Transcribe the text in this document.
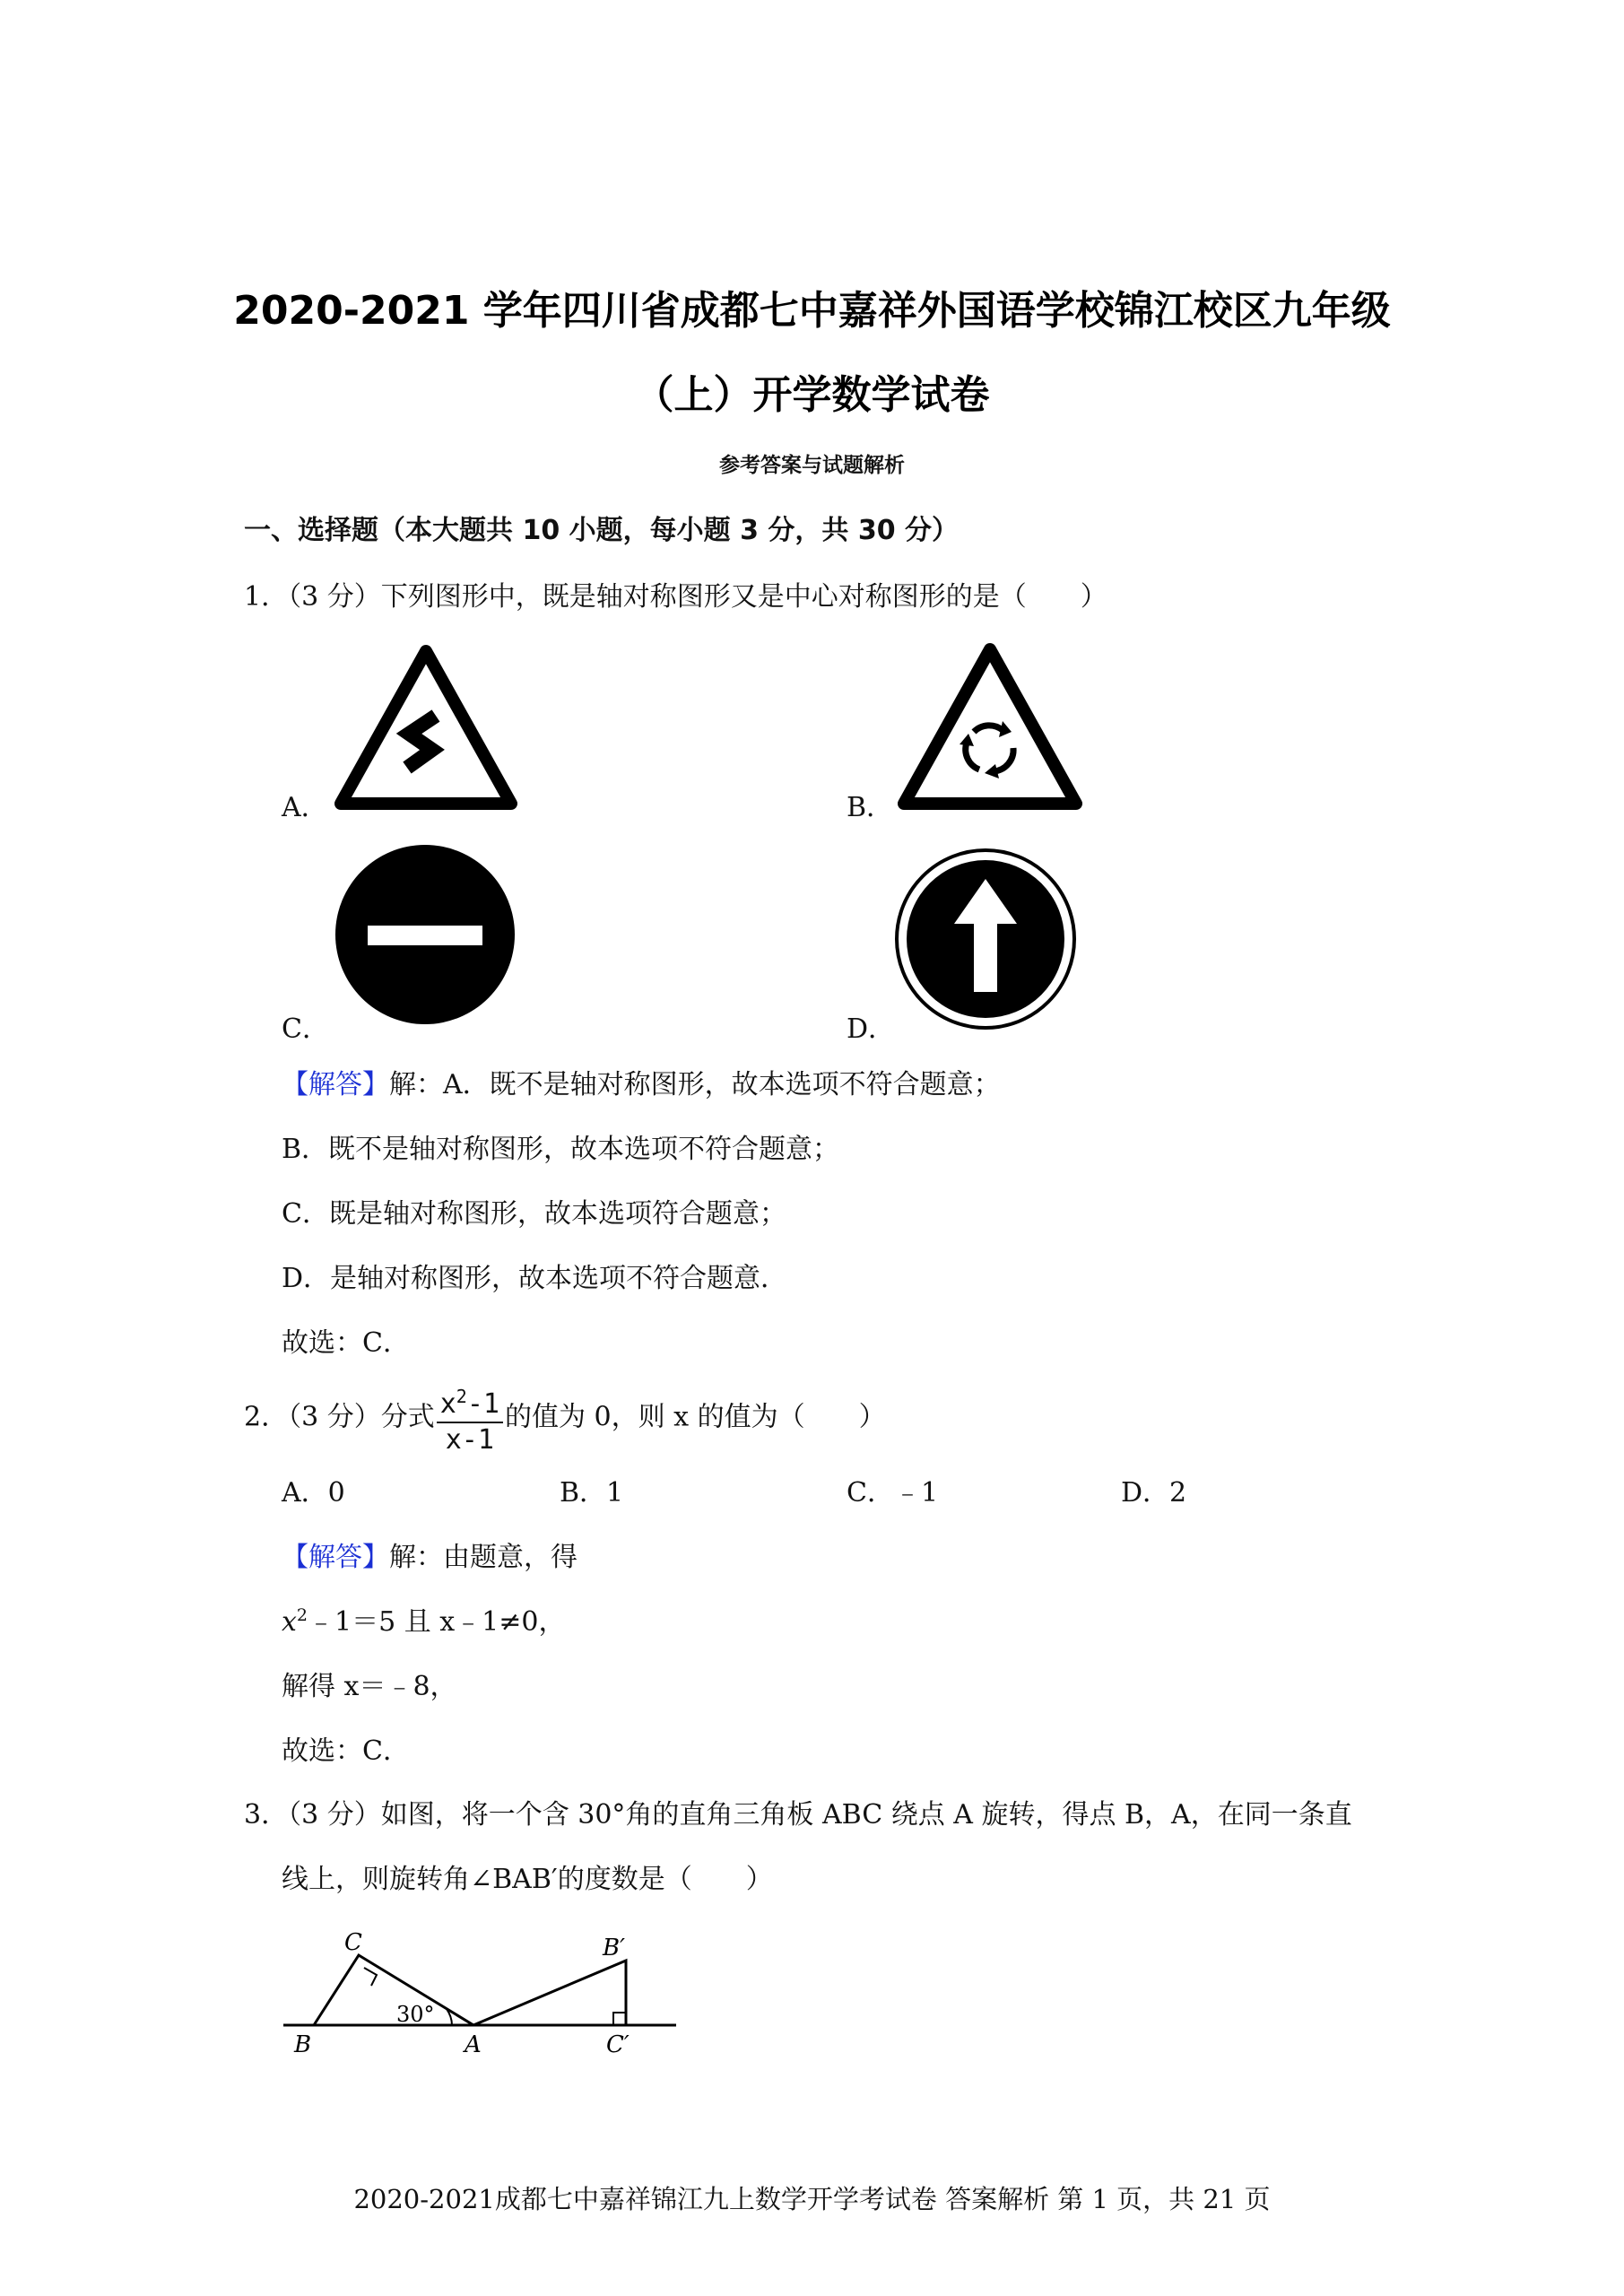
2020-2021 学年四川省成都七中嘉祥外国语学校锦江校区九年级
（上）开学数学试卷
参考答案与试题解析
一、选择题（本大题共 10 小题，每小题 3 分，共 30 分）
1．（3 分）下列图形中，既是轴对称图形又是中心对称图形的是（　　）
A．	B．
C．	D．
【解答】解：A．既不是轴对称图形，故本选项不符合题意；
B．既不是轴对称图形，故本选项不符合题意；
C．既是轴对称图形，故本选项符合题意；
D．是轴对称图形，故本选项不符合题意．
故选：C．
2．（3 分）分式 $\frac{x^2-1}{x-1}$ 的值为 0，则 x 的值为（　　）
A．0	B．1	C．﹣1	D．2
【解答】解：由题意，得
$x^2﹣1=5$ 且 x﹣1≠0，
解得 x＝﹣8，
故选：C．
3．（3 分）如图，将一个含 30°角的直角三角板 ABC 绕点 A 旋转，得点 B，A，在同一条直
线上，则旋转角∠BAB′的度数是（　　）
C	B′
30°
B	A	C′
2020-2021成都七中嘉祥锦江九上数学开学考试卷 答案解析 第 1 页，共 21 页
